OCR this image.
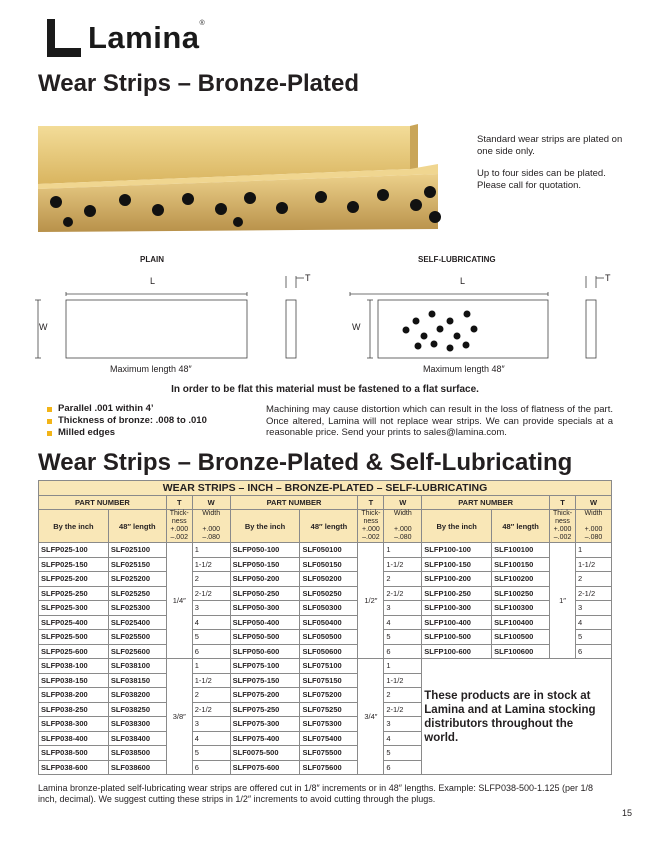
Lamina®
Wear Strips – Bronze-Plated

Standard wear strips are plated on one side only.

Up to four sides can be plated. Please call for quotation.

PLAIN	SELF-LUBRICATING
L	L
W	W
T	T
Maximum length 48″	Maximum length 48″
In order to be flat this material must be fastened to a flat surface.
Parallel .001 within 4’
Thickness of bronze: .008 to .010
Milled edges
Machining may cause distortion which can result in the loss of flatness of the part. Once altered, Lamina will not replace wear strips. We can provide specials at a reasonable price. Send your prints to sales@lamina.com.
Wear Strips – Bronze-Plated & Self-Lubricating
WEAR STRIPS – INCH – BRONZE-PLATED – SELF-LUBRICATING											
PART NUMBER		T	W	PART NUMBER		T	W	PART NUMBER		T	W
By the inch	48″ length	Thick-
ness
+.000
–.002	Width

+.000
–.080	By the inch	48″ length	Thick-
ness
+.000
–.002	Width

+.000
–.080	By the inch	48″ length	Thick-
ness
+.000
–.002	Width

+.000
–.080
SLFP025-100	SLF025100	1/4″	1	SLFP050-100	SLF050100	1/2″	1	SLFP100-100	SLF100100	1″	1
SLFP025-150	SLF025150		1-1/2	SLFP050-150	SLF050150		1-1/2	SLFP100-150	SLF100150		1-1/2
SLFP025-200	SLF025200		2	SLFP050-200	SLF050200		2	SLFP100-200	SLF100200		2
SLFP025-250	SLF025250		2-1/2	SLFP050-250	SLF050250		2-1/2	SLFP100-250	SLF100250		2-1/2
SLFP025-300	SLF025300		3	SLFP050-300	SLF050300		3	SLFP100-300	SLF100300		3
SLFP025-400	SLF025400		4	SLFP050-400	SLF050400		4	SLFP100-400	SLF100400		4
SLFP025-500	SLF025500		5	SLFP050-500	SLF050500		5	SLFP100-500	SLF100500		5
SLFP025-600	SLF025600		6	SLFP050-600	SLF050600		6	SLFP100-600	SLF100600		6
SLFP038-100	SLF038100	3/8″	1	SLFP075-100	SLF075100	3/4″	1	These products are in stock at Lamina and at Lamina stocking distributors throughout the world.			
SLFP038-150	SLF038150		1-1/2	SLFP075-150	SLF075150		1-1/2				
SLFP038-200	SLF038200		2	SLFP075-200	SLF075200		2				
SLFP038-250	SLF038250		2-1/2	SLFP075-250	SLF075250		2-1/2				
SLFP038-300	SLF038300		3	SLFP075-300	SLF075300		3				
SLFP038-400	SLF038400		4	SLFP075-400	SLF075400		4				
SLFP038-500	SLF038500		5	SLF0075-500	SLF075500		5				
SLFP038-600	SLF038600		6	SLFP075-600	SLF075600		6				
Lamina bronze-plated self-lubricating wear strips are offered cut in 1/8″ increments or in 48″ lengths. Example: SLFP038-500-1.125 (per 1/8 inch, decimal). We suggest cutting these strips in 1/2″ increments to avoid cutting through the plugs.
15
